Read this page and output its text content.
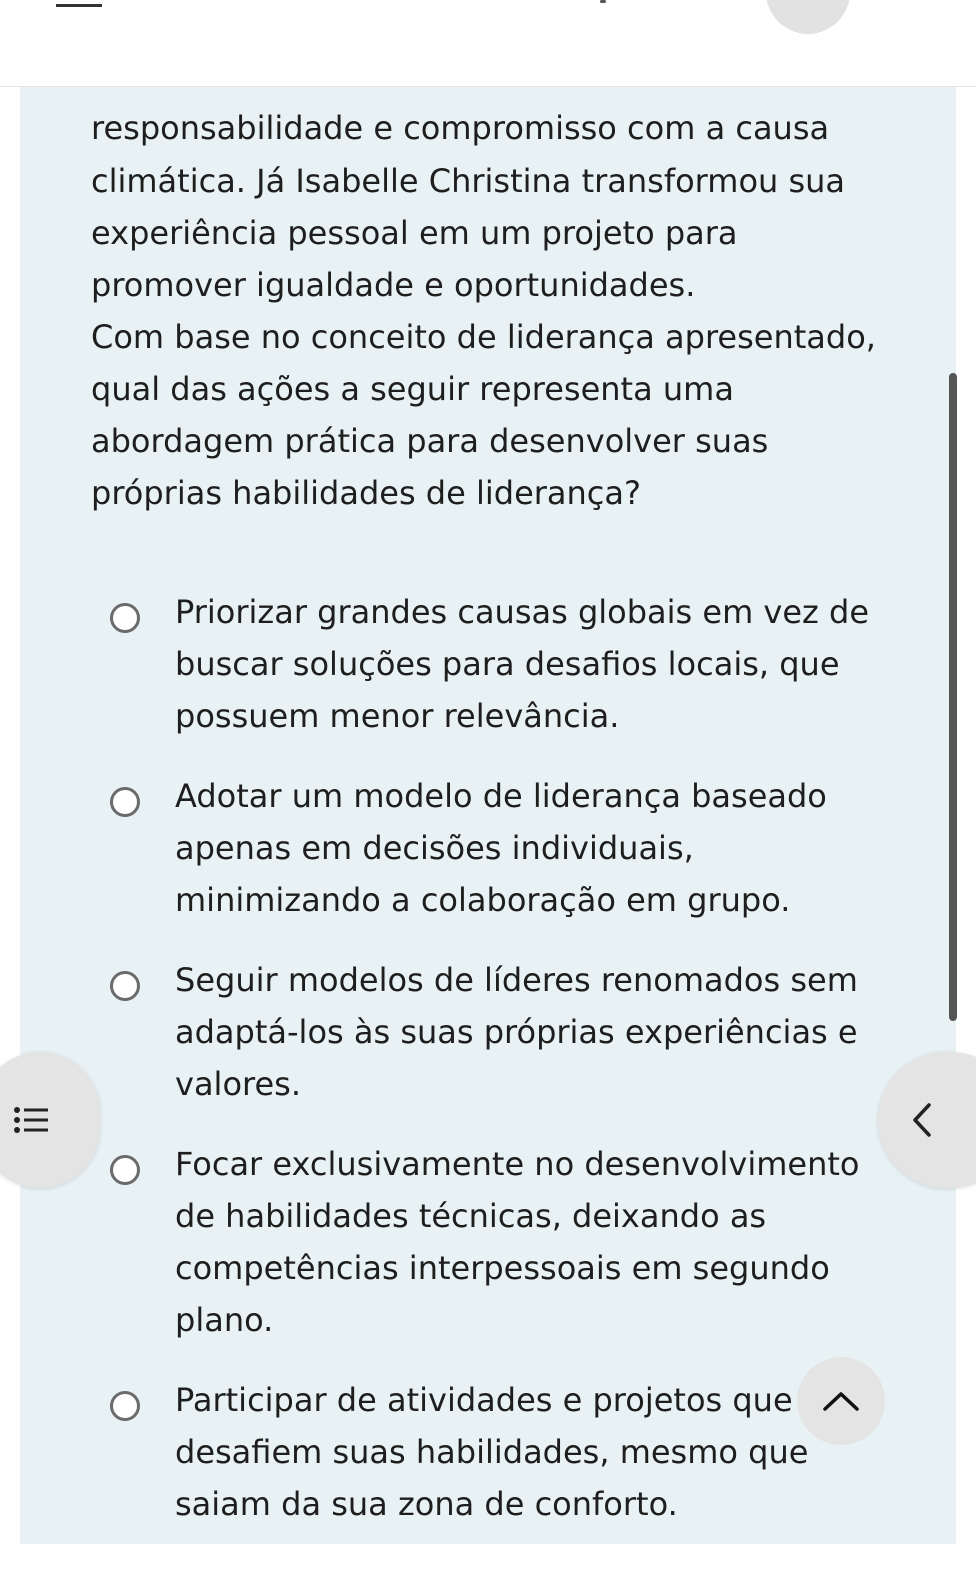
responsabilidade e compromisso com a causa
climática. Já Isabelle Christina transformou sua
experiência pessoal em um projeto para
promover igualdade e oportunidades.
Com base no conceito de liderança apresentado,
qual das ações a seguir representa uma
abordagem prática para desenvolver suas
próprias habilidades de liderança?
Priorizar grandes causas globais em vez de
buscar soluções para desafios locais, que
possuem menor relevância.
Adotar um modelo de liderança baseado
apenas em decisões individuais,
minimizando a colaboração em grupo.
Seguir modelos de líderes renomados sem
adaptá-los às suas próprias experiências e
valores.
Focar exclusivamente no desenvolvimento
de habilidades técnicas, deixando as
competências interpessoais em segundo
plano.
Participar de atividades e projetos que
desafiem suas habilidades, mesmo que
saiam da sua zona de conforto.
